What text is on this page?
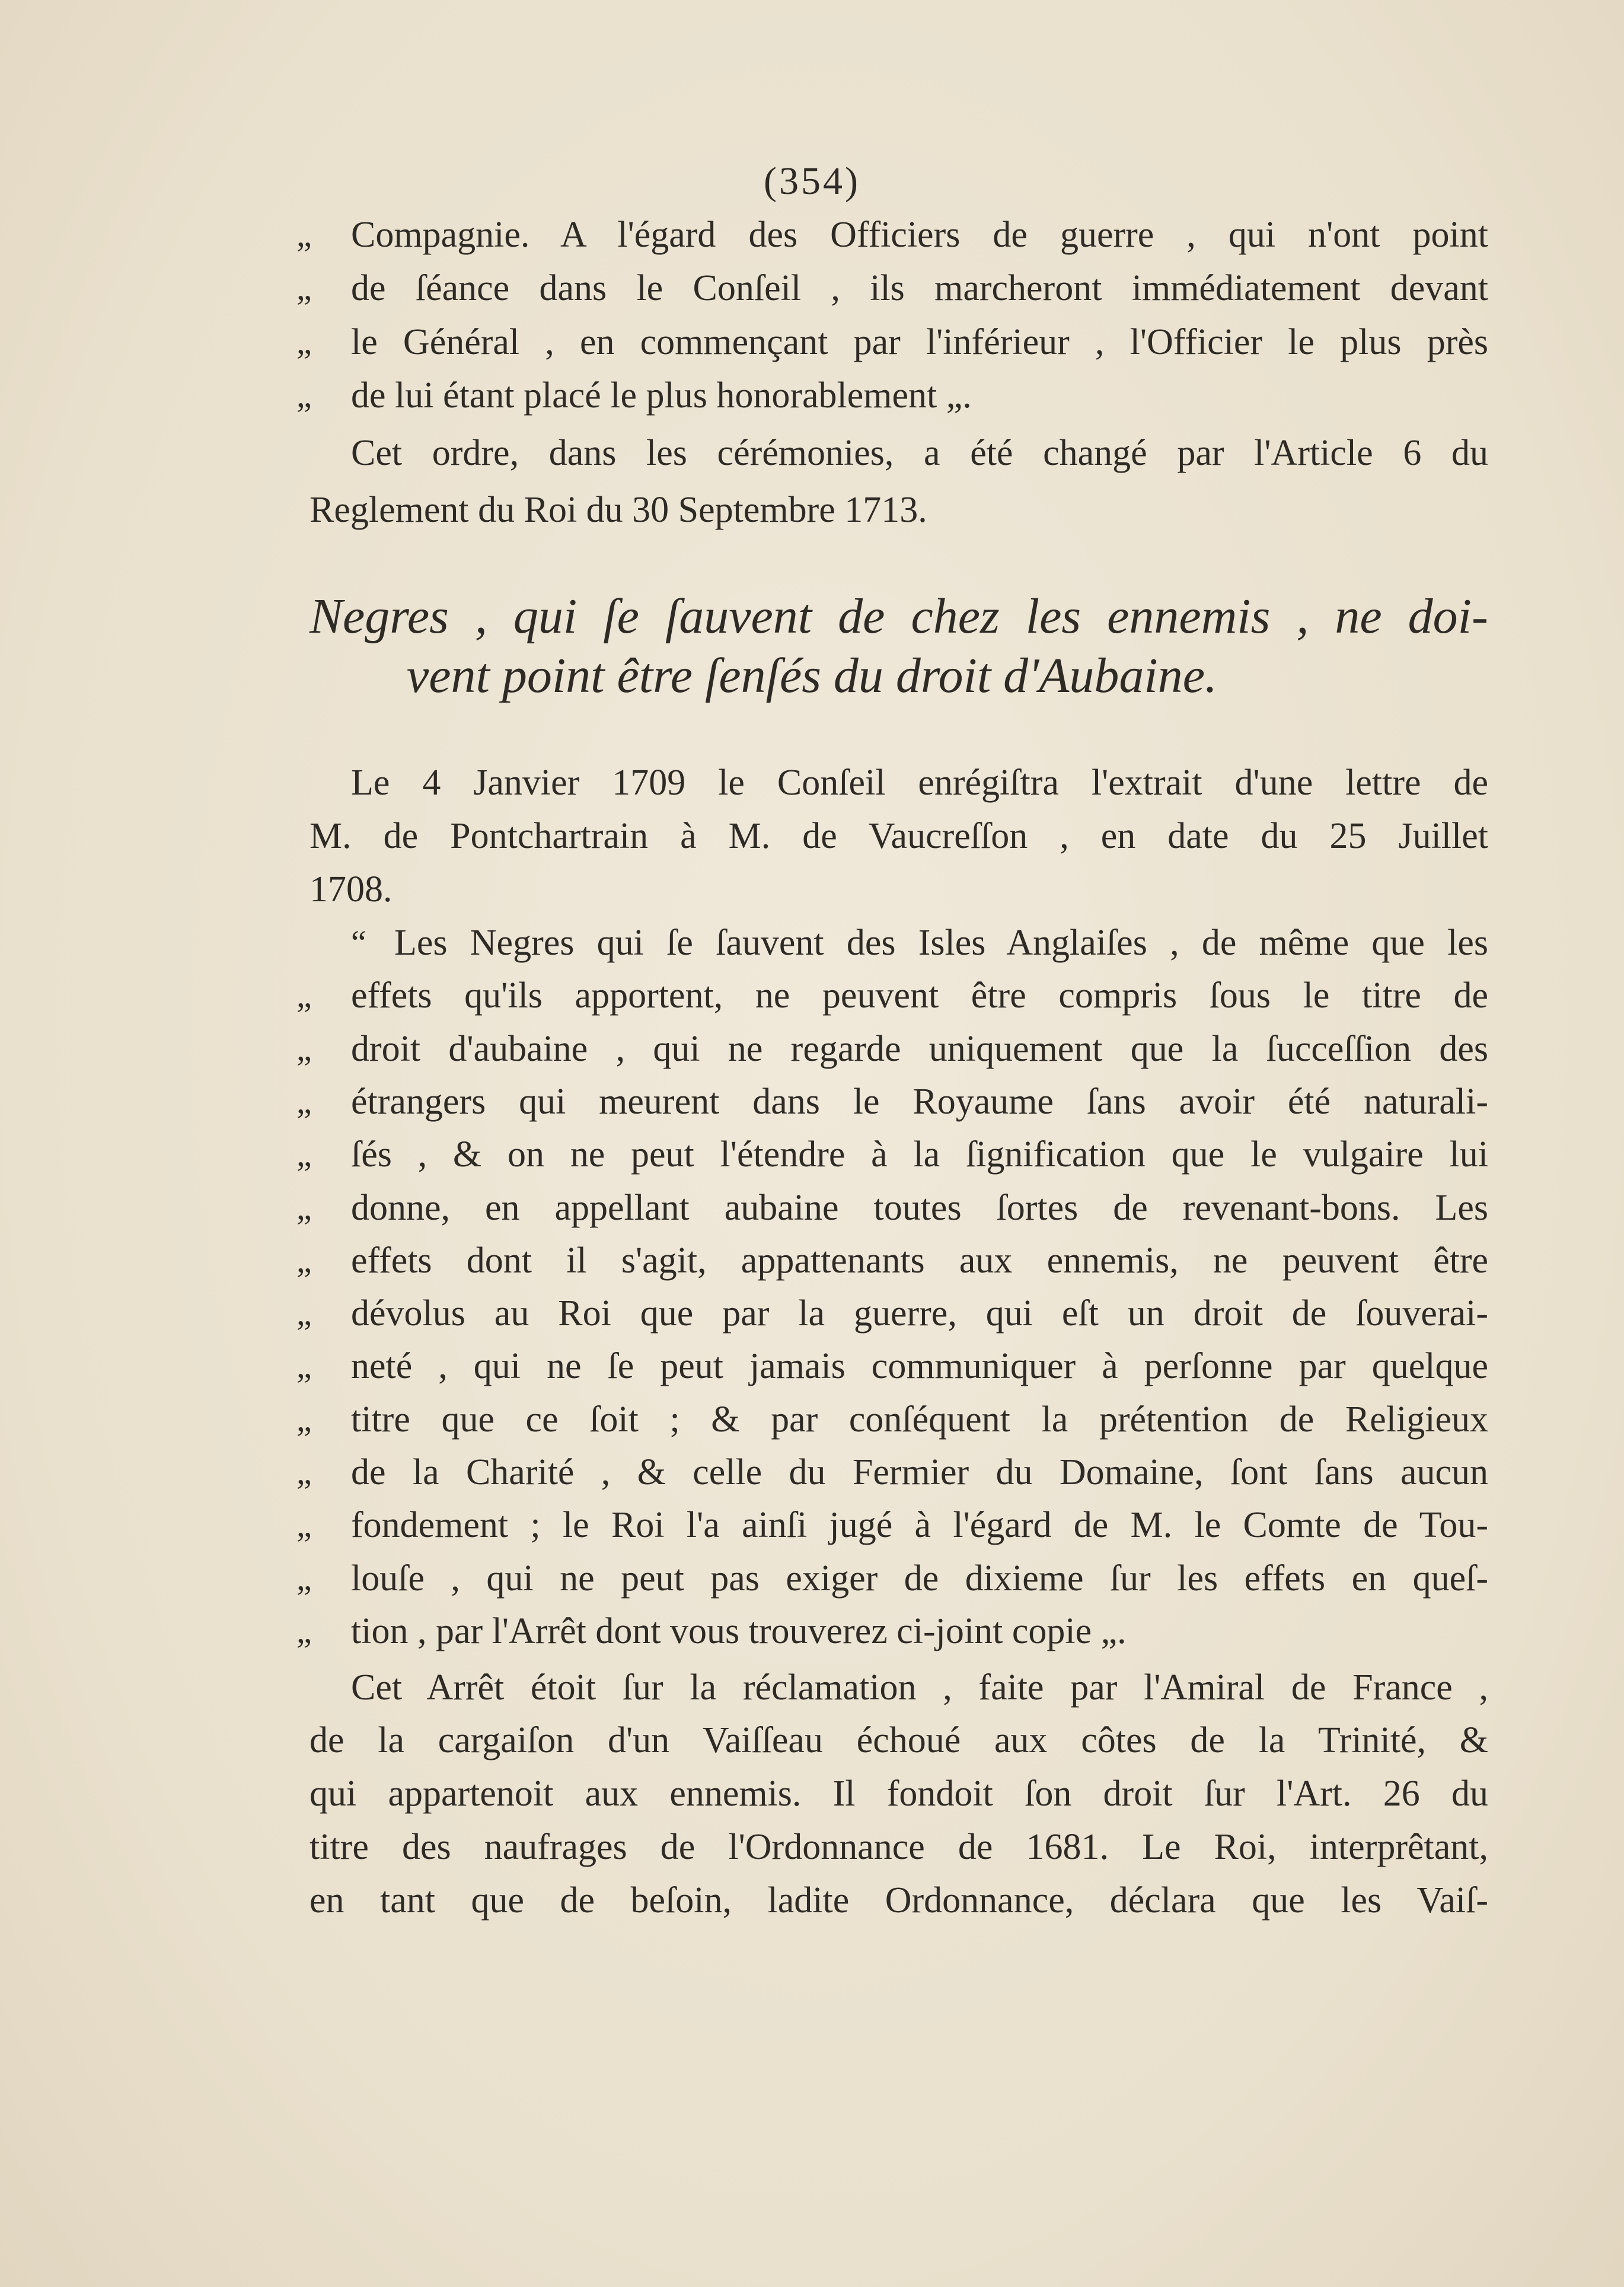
(354)
„	Compagnie. A l'égard des Officiers de guerre , qui n'ont point
„	de ſéance dans le Conſeil , ils marcheront immédiatement devant
„	le Général , en commençant par l'inférieur , l'Officier le plus près
„	de lui étant placé le plus honorablement „.
Cet ordre, dans les cérémonies, a été changé par l'Article 6 du
Reglement du Roi du 30 Septembre 1713.
Negres , qui ſe ſauvent de chez les ennemis , ne doi-
vent point être ſenſés du droit d'Aubaine.
Le 4 Janvier 1709 le Conſeil enrégiſtra l'extrait d'une lettre de
M. de Pontchartrain à M. de Vaucreſſon , en date du 25 Juillet
1708.
“ Les Negres qui ſe ſauvent des Isles Anglaiſes , de même que les
„	effets qu'ils apportent, ne peuvent être compris ſous le titre de
„	droit d'aubaine , qui ne regarde uniquement que la ſucceſſion des
„	étrangers qui meurent dans le Royaume ſans avoir été naturali-
„	ſés , & on ne peut l'étendre à la ſignification que le vulgaire lui
„	donne, en appellant aubaine toutes ſortes de revenant-bons. Les
„	effets dont il s'agit, appattenants aux ennemis, ne peuvent être
„	dévolus au Roi que par la guerre, qui eſt un droit de ſouverai-
„	neté , qui ne ſe peut jamais communiquer à perſonne par quelque
„	titre que ce ſoit ; & par conſéquent la prétention de Religieux
„	de la Charité , & celle du Fermier du Domaine, ſont ſans aucun
„	fondement ; le Roi l'a ainſi jugé à l'égard de M. le Comte de Tou-
„	louſe , qui ne peut pas exiger de dixieme ſur les effets en queſ-
„	tion , par l'Arrêt dont vous trouverez ci-joint copie „.
Cet Arrêt étoit ſur la réclamation , faite par l'Amiral de France ,
de la cargaiſon d'un Vaiſſeau échoué aux côtes de la Trinité, &
qui appartenoit aux ennemis. Il fondoit ſon droit ſur l'Art. 26 du
titre des naufrages de l'Ordonnance de 1681. Le Roi, interprêtant,
en tant que de beſoin, ladite Ordonnance, déclara que les Vaiſ-
